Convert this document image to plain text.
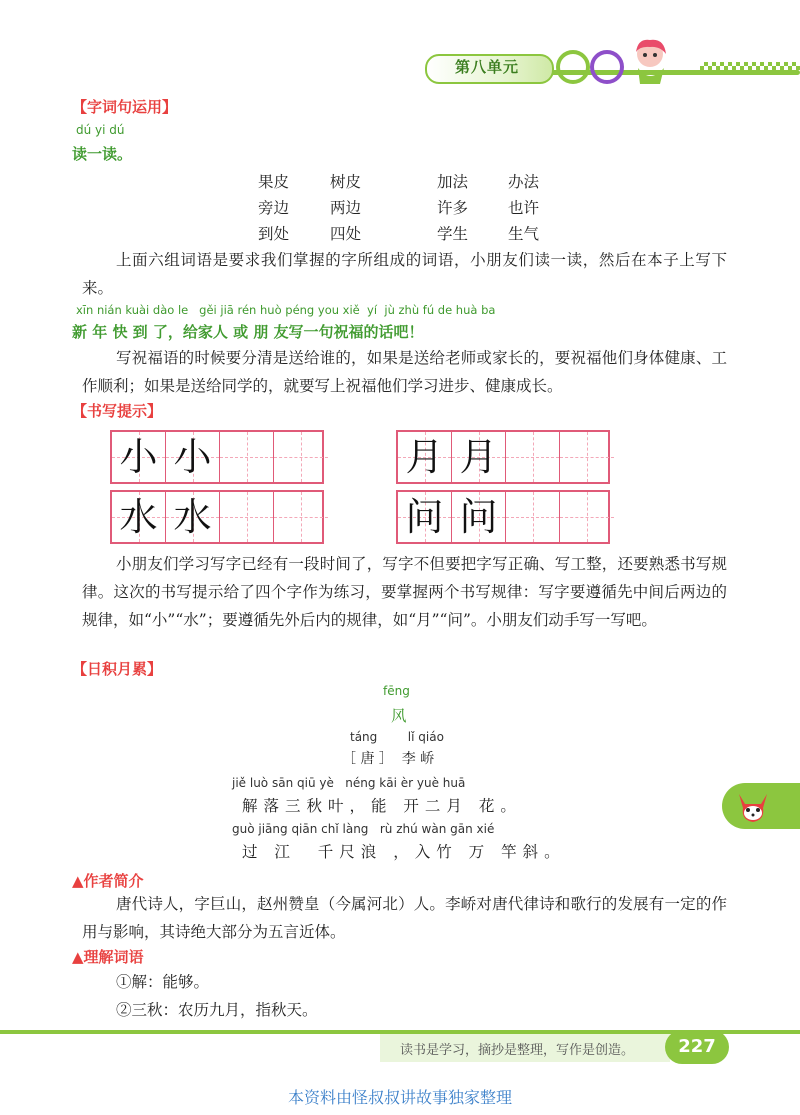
第八单元
【字词句运用】
dú yi dú
读一读。
果皮	树皮	加法	办法
旁边	两边	许多	也许
到处	四处	学生	生气
上面六组词语是要求我们掌握的字所组成的词语，小朋友们读一读，然后在本子上写下来。
xīn nián kuài dào le   gěi jiā rén huò péng you xiě  yí  jù zhù fú de huà ba
新 年 快 到 了，给家人 或 朋 友写一句祝福的话吧！
写祝福语的时候要分清是送给谁的，如果是送给老师或家长的，要祝福他们身体健康、工作顺利；如果是送给同学的，就要写上祝福他们学习进步、健康成长。
【书写提示】
小 小	月 月
水 水	问 问
小朋友们学习写字已经有一段时间了，写字不但要把字写正确、写工整，还要熟悉书写规律。这次的书写提示给了四个字作为练习，要掌握两个书写规律：写字要遵循先中间后两边的规律，如“小”“水”；要遵循先外后内的规律，如“月”“问”。小朋友们动手写一写吧。
【日积月累】
fēng
风
táng        lǐ qiáo
［ 唐 ］  李 峤
jiě luò sān qiū yè   néng kāi èr yuè huā
解落三秋叶，能 开二月 花。
guò jiāng qiān chǐ làng   rù zhú wàn gān xié
过 江  千尺浪 ，入竹 万 竿斜。
▲作者简介
唐代诗人，字巨山，赵州赞皇（今属河北）人。李峤对唐代律诗和歌行的发展有一定的作用与影响，其诗绝大部分为五言近体。
▲理解词语
①解：能够。
②三秋：农历九月，指秋天。
读书是学习，摘抄是整理，写作是创造。	227
本资料由怪叔叔讲故事独家整理
